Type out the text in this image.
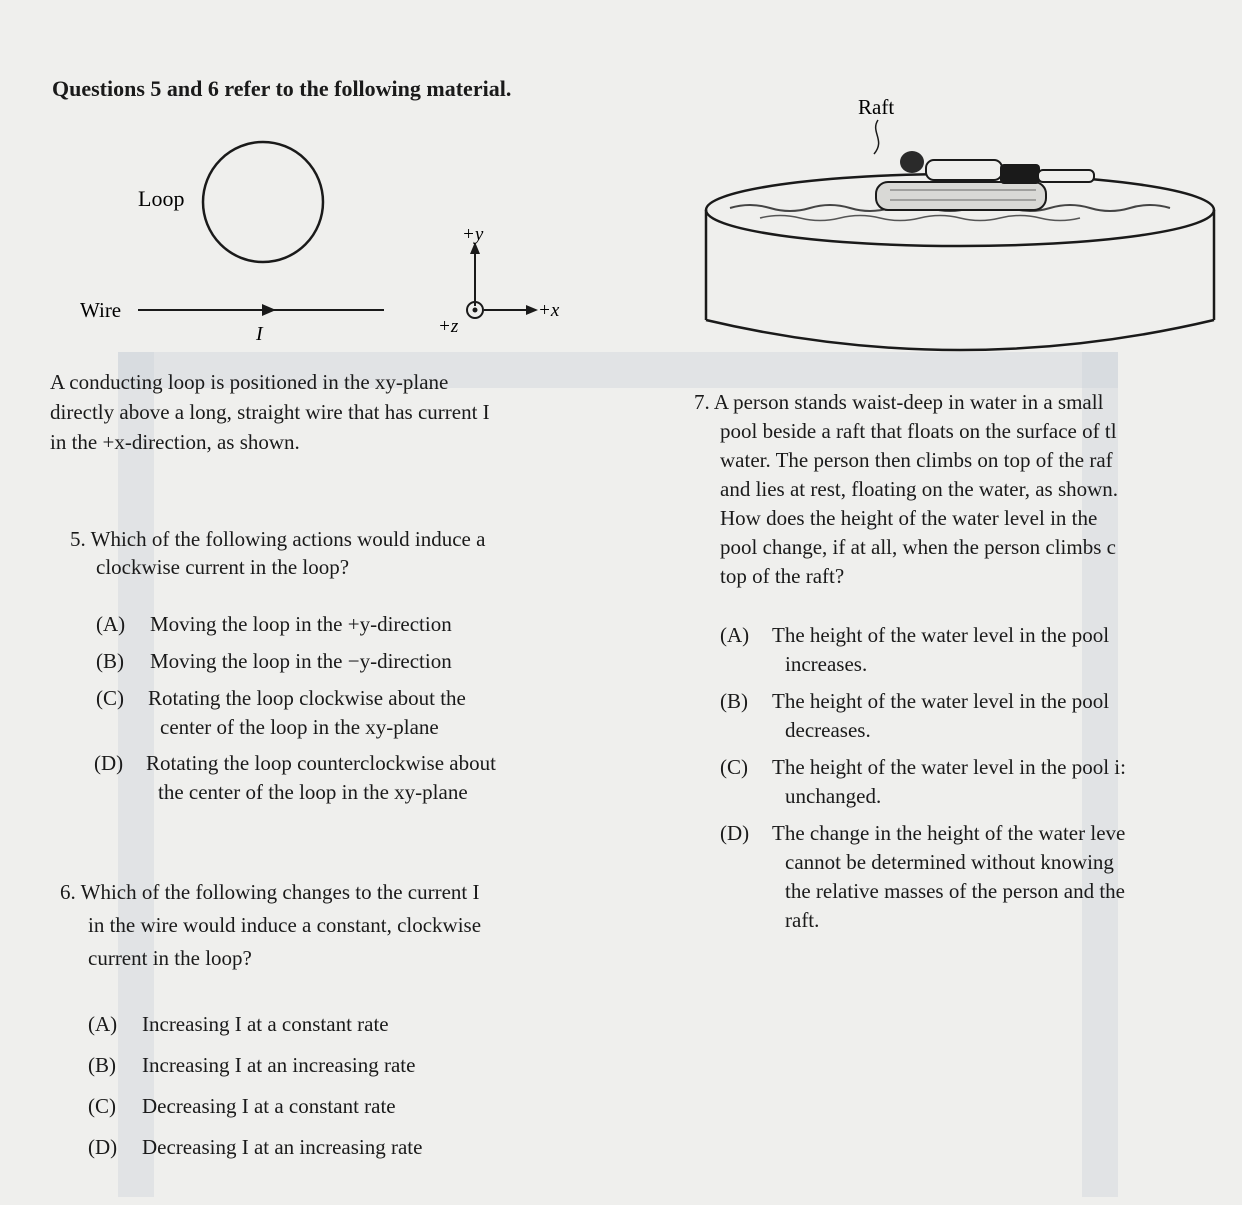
Questions 5 and 6 refer to the following material.
Loop
Wire
I
+y
+x
+z
A conducting loop is positioned in the xy-plane
directly above a long, straight wire that has current I
in the +x-direction, as shown.
5. Which of the following actions would induce a
clockwise current in the loop?
(A) Moving the loop in the +y-direction
(B) Moving the loop in the −y-direction
(C) Rotating the loop clockwise about the
center of the loop in the xy-plane
(D) Rotating the loop counterclockwise about
the center of the loop in the xy-plane
6. Which of the following changes to the current I
in the wire would induce a constant, clockwise
current in the loop?
(A) Increasing I at a constant rate
(B) Increasing I at an increasing rate
(C) Decreasing I at a constant rate
(D) Decreasing I at an increasing rate
Raft
7. A person stands waist-deep in water in a small
pool beside a raft that floats on the surface of tl
water. The person then climbs on top of the raf
and lies at rest, floating on the water, as shown.
How does the height of the water level in the
pool change, if at all, when the person climbs c
top of the raft?
(A) The height of the water level in the pool
increases.
(B) The height of the water level in the pool
decreases.
(C) The height of the water level in the pool i:
unchanged.
(D) The change in the height of the water leve
cannot be determined without knowing
the relative masses of the person and the
raft.
